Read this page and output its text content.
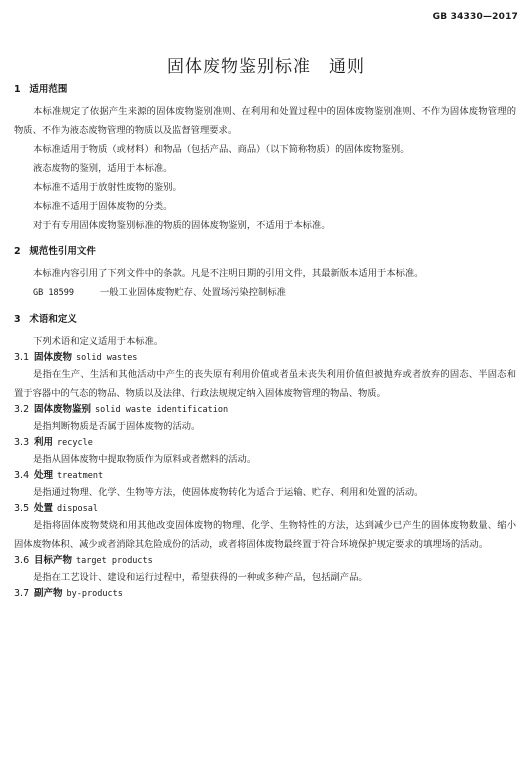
GB 34330—2017
固体废物鉴别标准　通则
1 适用范围

本标准规定了依据产生来源的固体废物鉴别准则、在利用和处置过程中的固体废物鉴别准则、不作为固体废物管理的物质、不作为液态废物管理的物质以及监督管理要求。

本标准适用于物质（或材料）和物品（包括产品、商品）（以下简称物质）的固体废物鉴别。

液态废物的鉴别，适用于本标准。

本标准不适用于放射性废物的鉴别。

本标准不适用于固体废物的分类。

对于有专用固体废物鉴别标准的物质的固体废物鉴别，不适用于本标准。

2 规范性引用文件

本标准内容引用了下列文件中的条款。凡是不注明日期的引用文件，其最新版本适用于本标准。

GB 18599	一般工业固体废物贮存、处置场污染控制标准

3 术语和定义

下列术语和定义适用于本标准。

3.1 固体废物 solid wastes

是指在生产、生活和其他活动中产生的丧失原有利用价值或者虽未丧失利用价值但被抛弃或者放弃的固态、半固态和置于容器中的气态的物品、物质以及法律、行政法规规定纳入固体废物管理的物品、物质。

3.2 固体废物鉴别 solid waste identification

是指判断物质是否属于固体废物的活动。

3.3 利用 recycle

是指从固体废物中提取物质作为原料或者燃料的活动。

3.4 处理 treatment

是指通过物理、化学、生物等方法，使固体废物转化为适合于运输、贮存、利用和处置的活动。

3.5 处置 disposal

是指将固体废物焚烧和用其他改变固体废物的物理、化学、生物特性的方法，达到减少已产生的固体废物数量、缩小固体废物体积、减少或者消除其危险成份的活动，或者将固体废物最终置于符合环境保护规定要求的填埋场的活动。

3.6 目标产物 target products

是指在工艺设计、建设和运行过程中，希望获得的一种或多种产品，包括副产品。

3.7 副产物 by-products
